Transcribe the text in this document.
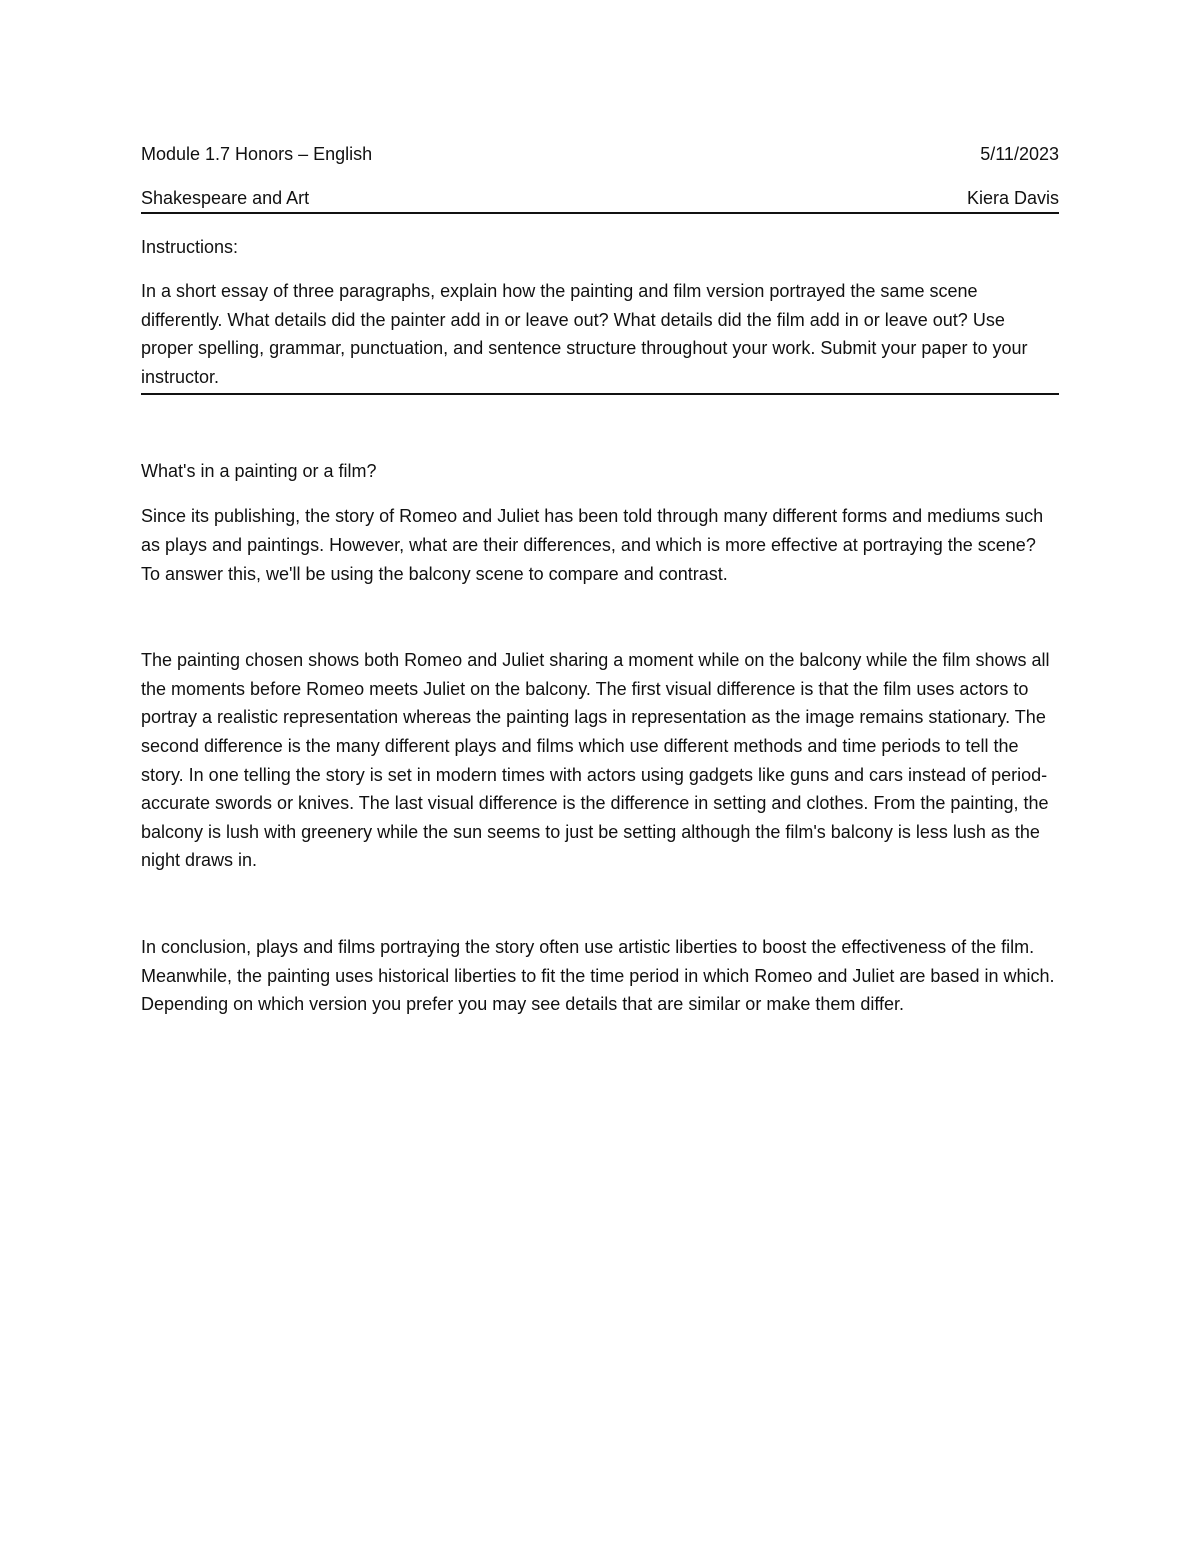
Module 1.7 Honors – English	5/11/2023
Shakespeare and Art	Kiera Davis
Instructions:

In a short essay of three paragraphs, explain how the painting and film version portrayed the same scene differently. What details did the painter add in or leave out? What details did the film add in or leave out? Use proper spelling, grammar, punctuation, and sentence structure throughout your work. Submit your paper to your instructor.

What's in a painting or a film?

Since its publishing, the story of Romeo and Juliet has been told through many different forms and mediums such as plays and paintings. However, what are their differences, and which is more effective at portraying the scene? To answer this, we'll be using the balcony scene to compare and contrast.

The painting chosen shows both Romeo and Juliet sharing a moment while on the balcony while the film shows all the moments before Romeo meets Juliet on the balcony. The first visual difference is that the film uses actors to portray a realistic representation whereas the painting lags in representation as the image remains stationary. The second difference is the many different plays and films which use different methods and time periods to tell the story. In one telling the story is set in modern times with actors using gadgets like guns and cars instead of period-accurate swords or knives. The last visual difference is the difference in setting and clothes. From the painting, the balcony is lush with greenery while the sun seems to just be setting although the film's balcony is less lush as the night draws in.

In conclusion, plays and films portraying the story often use artistic liberties to boost the effectiveness of the film. Meanwhile, the painting uses historical liberties to fit the time period in which Romeo and Juliet are based in which. Depending on which version you prefer you may see details that are similar or make them differ.
